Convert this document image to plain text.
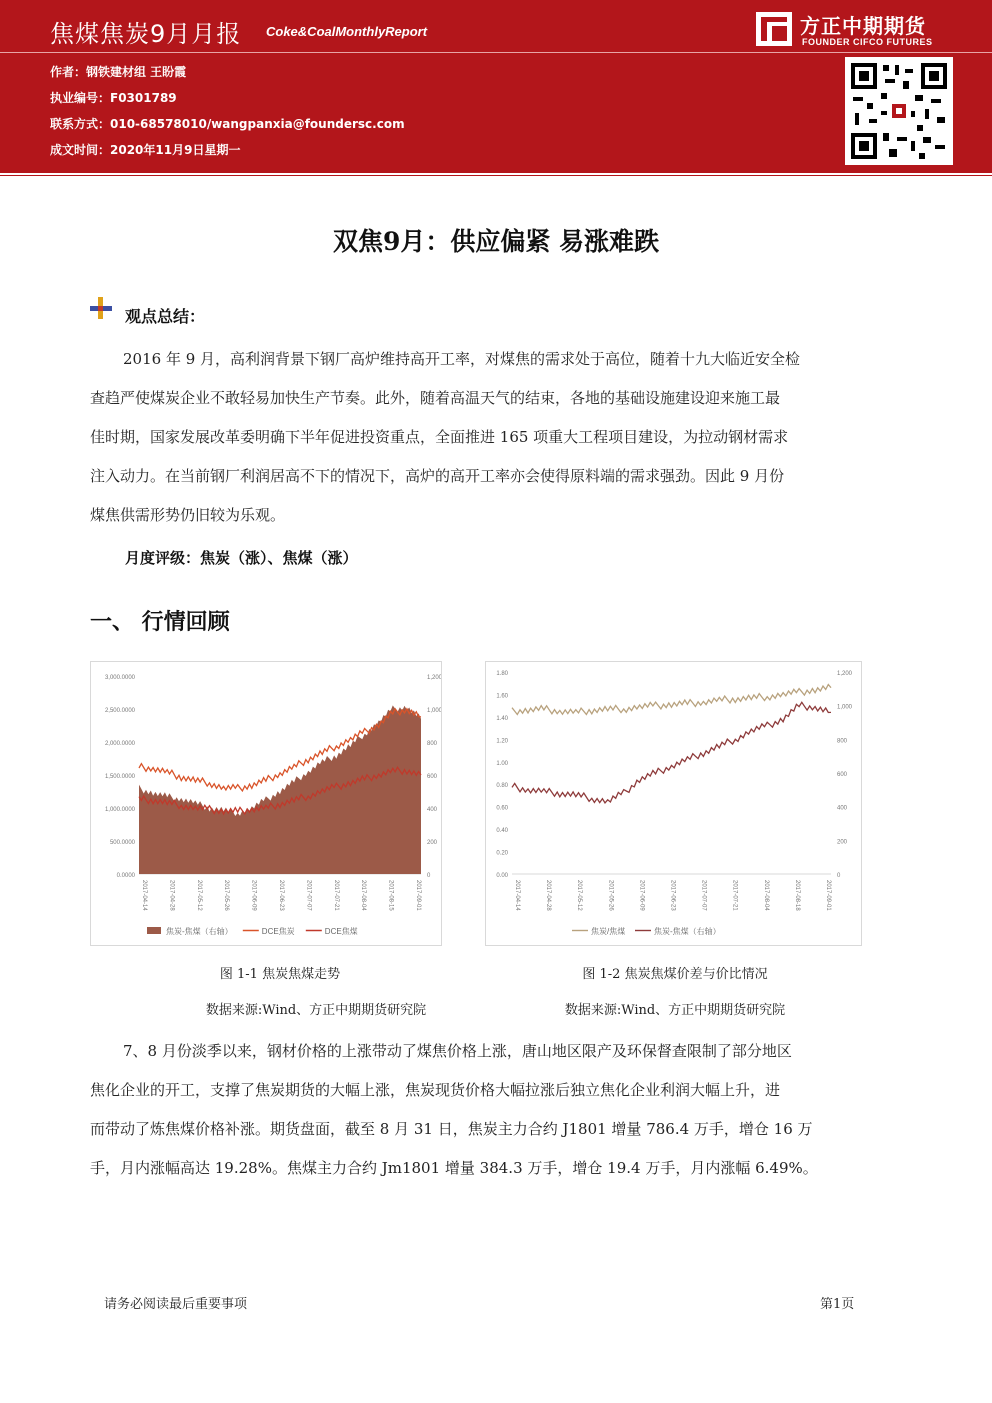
焦煤焦炭9月月报 Coke&CoalMonthlyReport
作者：钢铁建材组 王盼霞
执业编号：F0301789
联系方式：010-68578010/wangpanxia@foundersc.com
成文时间：2020年11月9日星期一
方正中期期货
FOUNDER CIFCO FUTURES
双焦9月：供应偏紧 易涨难跌
观点总结：
2016 年 9 月，高利润背景下钢厂高炉维持高开工率，对煤焦的需求处于高位，随着十九大临近安全检
查趋严使煤炭企业不敢轻易加快生产节奏。此外，随着高温天气的结束，各地的基础设施建设迎来施工最
佳时期，国家发展改革委明确下半年促进投资重点，全面推进 165 项重大工程项目建设，为拉动钢材需求
注入动力。在当前钢厂利润居高不下的情况下，高炉的高开工率亦会使得原料端的需求强劲。因此 9 月份
煤焦供需形势仍旧较为乐观。
月度评级：焦炭（涨）、焦煤（涨）
一、 行情回顾
3,000.0000
2,500.0000
2,000.0000
1,500.0000
1,000.0000
500.0000
0.0000
1,200
1,000
800
600
400
200
0
2017-04-14	2017-04-28	2017-05-12	2017-05-26	2017-06-09	2017-06-23	2017-07-07	2017-07-21	2017-08-04	2017-08-15	2017-09-01
焦炭-焦煤（右轴）	DCE焦炭	DCE焦煤
1.80
1.60
1.40
1.20
1.00
0.80
0.60
0.40
0.20
0.00
1,200
1,000
800
600
400
200
0
2017-04-14	2017-04-28	2017-05-12	2017-05-26	2017-06-09	2017-06-23	2017-07-07	2017-07-21	2017-08-04	2017-08-18	2017-09-01
焦炭/焦煤	焦炭-焦煤（右轴）
图 1-1 焦炭焦煤走势
数据来源:Wind、方正中期期货研究院
图 1-2 焦炭焦煤价差与价比情况
数据来源:Wind、方正中期期货研究院
7、8 月份淡季以来，钢材价格的上涨带动了煤焦价格上涨，唐山地区限产及环保督查限制了部分地区
焦化企业的开工，支撑了焦炭期货的大幅上涨，焦炭现货价格大幅拉涨后独立焦化企业利润大幅上升，进
而带动了炼焦煤价格补涨。期货盘面，截至 8 月 31 日，焦炭主力合约 J1801 增量 786.4 万手，增仓 16 万
手，月内涨幅高达 19.28%。焦煤主力合约 Jm1801 增量 384.3 万手，增仓 19.4 万手，月内涨幅 6.49%。
请务必阅读最后重要事项	第1页
